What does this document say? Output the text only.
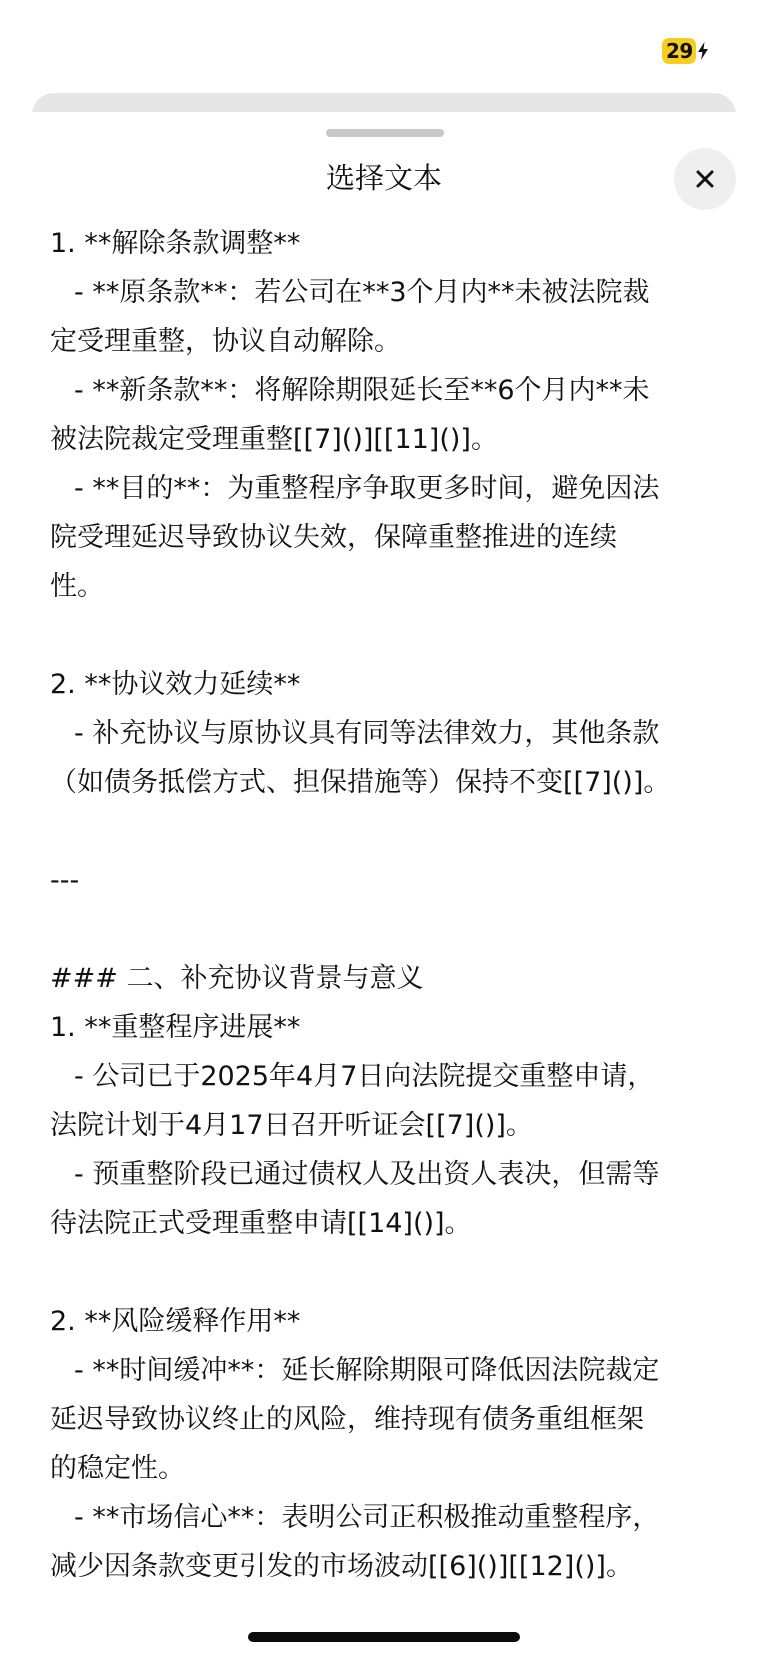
29
选择文本
1. **解除条款调整**
- **原条款**：若公司在**3个月内**未被法院裁
定受理重整，协议自动解除。
- **新条款**：将解除期限延长至**6个月内**未
被法院裁定受理重整[[7]()][[11]()]。
- **目的**：为重整程序争取更多时间，避免因法
院受理延迟导致协议失效，保障重整推进的连续
性。
2. **协议效力延续**
- 补充协议与原协议具有同等法律效力，其他条款
（如债务抵偿方式、担保措施等）保持不变[[7]()]。
---
### 二、补充协议背景与意义
1. **重整程序进展**
- 公司已于2025年4月7日向法院提交重整申请，
法院计划于4月17日召开听证会[[7]()]。
- 预重整阶段已通过债权人及出资人表决，但需等
待法院正式受理重整申请[[14]()]。
2. **风险缓释作用**
- **时间缓冲**：延长解除期限可降低因法院裁定
延迟导致协议终止的风险，维持现有债务重组框架
的稳定性。
- **市场信心**：表明公司正积极推动重整程序，
减少因条款变更引发的市场波动[[6]()][[12]()]。
